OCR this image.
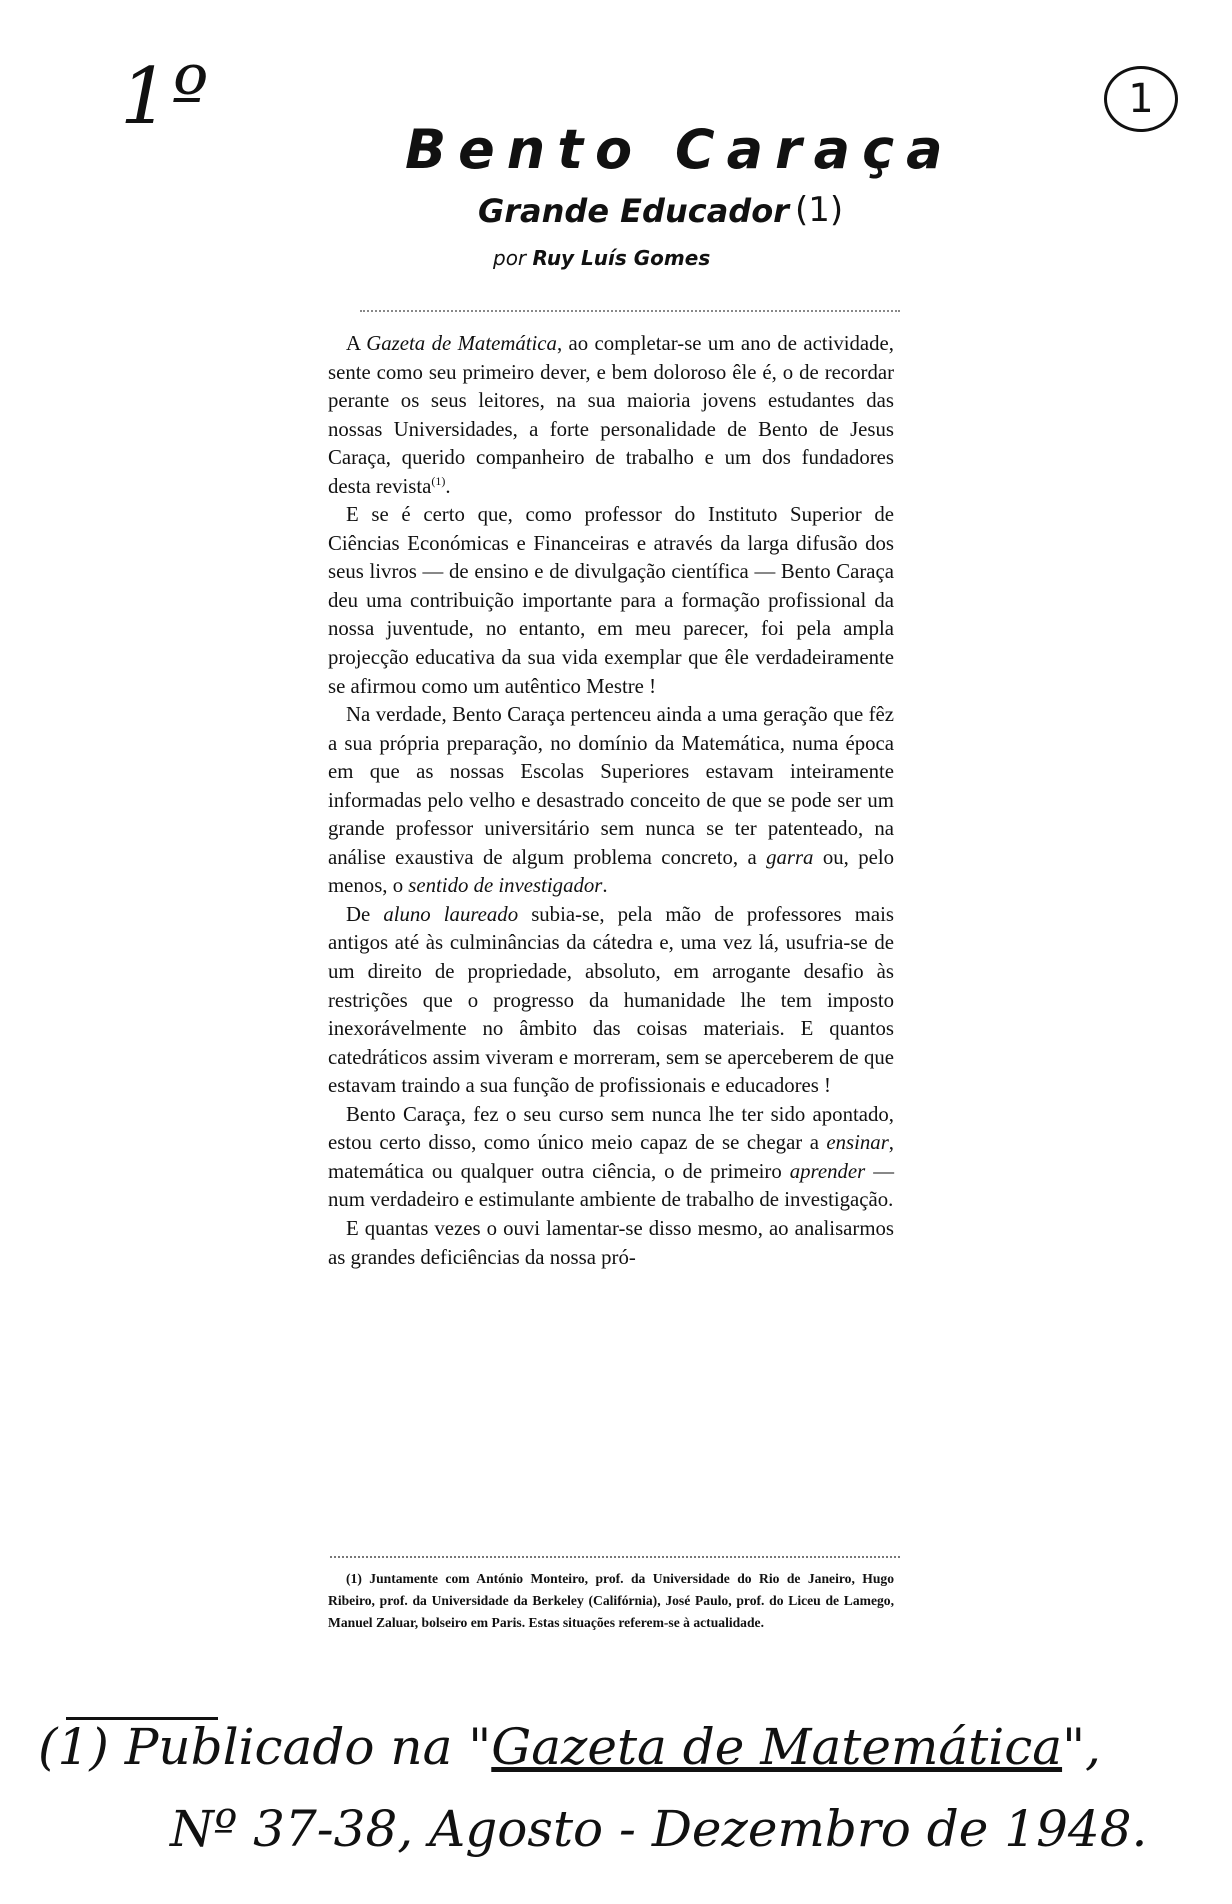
1º	1
Bento Caraça
Grande Educador (1)
por Ruy Luís Gomes

A Gazeta de Matemática, ao completar-se um ano de actividade, sente como seu primeiro dever, e bem doloroso êle é, o de recordar perante os seus leitores, na sua maioria jovens estudantes das nossas Universidades, a forte personalidade de Bento de Jesus Caraça, querido companheiro de trabalho e um dos fundadores desta revista$^{(1)}$.

E se é certo que, como professor do Instituto Superior de Ciências Económicas e Financeiras e através da larga difusão dos seus livros — de ensino e de divulgação científica — Bento Caraça deu uma contribuição importante para a formação profissional da nossa juventude, no entanto, em meu parecer, foi pela ampla projecção educativa da sua vida exemplar que êle verdadeiramente se afirmou como um autêntico Mestre !

Na verdade, Bento Caraça pertenceu ainda a uma geração que fêz a sua própria preparação, no domínio da Matemática, numa época em que as nossas Escolas Superiores estavam inteiramente informadas pelo velho e desastrado conceito de que se pode ser um grande professor universitário sem nunca se ter patenteado, na análise exaustiva de algum problema concreto, a garra ou, pelo menos, o sentido de investigador.

De aluno laureado subia-se, pela mão de professores mais antigos até às culminâncias da cátedra e, uma vez lá, usufria-se de um direito de propriedade, absoluto, em arrogante desafio às restrições que o progresso da humanidade lhe tem imposto inexorávelmente no âmbito das coisas materiais. E quantos catedráticos assim viveram e morreram, sem se aperceberem de que estavam traindo a sua função de profissionais e educadores !

Bento Caraça, fez o seu curso sem nunca lhe ter sido apontado, estou certo disso, como único meio capaz de se chegar a ensinar, matemática ou qualquer outra ciência, o de primeiro aprender — num verdadeiro e estimulante ambiente de trabalho de investigação.

E quantas vezes o ouvi lamentar-se disso mesmo, ao analisarmos as grandes deficiências da nossa pró-

(1) Juntamente com António Monteiro, prof. da Universidade do Rio de Janeiro, Hugo Ribeiro, prof. da Universidade da Berkeley (Califórnia), José Paulo, prof. do Liceu de Lamego, Manuel Zaluar, bolseiro em Paris. Estas situações referem-se à actualidade.

(1) Publicado na "Gazeta de Matemática",
Nº 37-38, Agosto - Dezembro de 1948.
